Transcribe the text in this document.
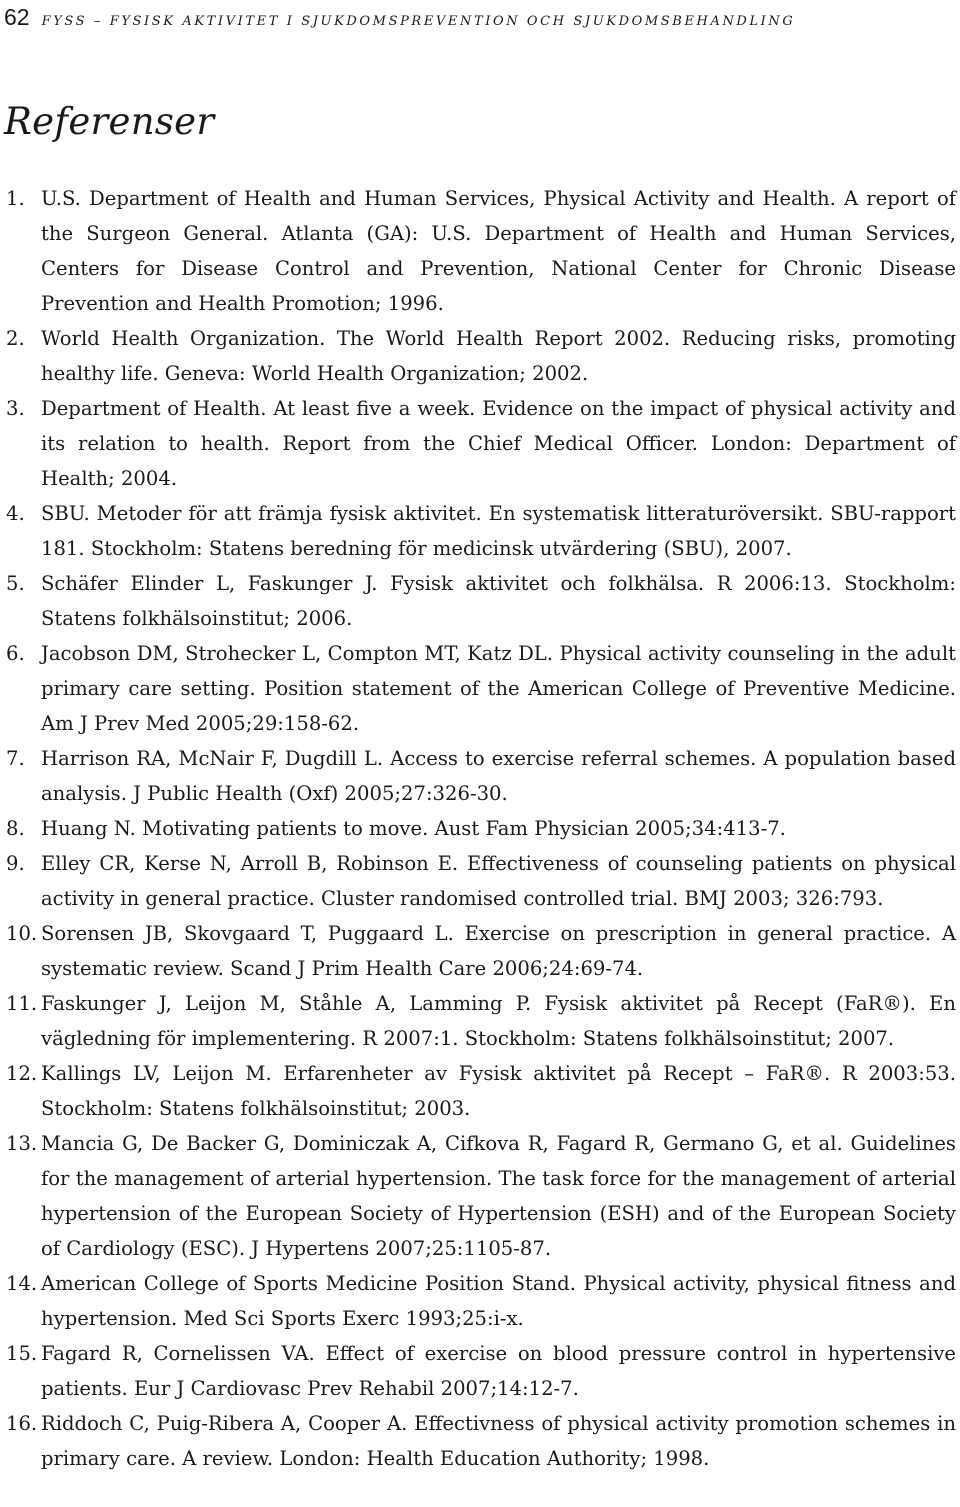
62 FYSS – FYSISK AKTIVITET I SJUKDOMSPREVENTION OCH SJUKDOMSBEHANDLING
Referenser
1. U.S. Department of Health and Human Services, Physical Activity and Health. A report of the Surgeon General. Atlanta (GA): U.S. Department of Health and Human Services, Centers for Disease Control and Prevention, National Center for Chronic Disease Prevention and Health Promotion; 1996.
2. World Health Organization. The World Health Report 2002. Reducing risks, promoting healthy life. Geneva: World Health Organization; 2002.
3. Department of Health. At least five a week. Evidence on the impact of physical activity and its relation to health. Report from the Chief Medical Officer. London: Department of Health; 2004.
4. SBU. Metoder för att främja fysisk aktivitet. En systematisk litteraturöversikt. SBU-rapport 181. Stockholm: Statens beredning för medicinsk utvärdering (SBU), 2007.
5. Schäfer Elinder L, Faskunger J. Fysisk aktivitet och folkhälsa. R 2006:13. Stockholm: Statens folkhälsoinstitut; 2006.
6. Jacobson DM, Strohecker L, Compton MT, Katz DL. Physical activity counseling in the adult primary care setting. Position statement of the American College of Preventive Medicine. Am J Prev Med 2005;29:158-62.
7. Harrison RA, McNair F, Dugdill L. Access to exercise referral schemes. A population based analysis. J Public Health (Oxf) 2005;27:326-30.
8. Huang N. Motivating patients to move. Aust Fam Physician 2005;34:413-7.
9. Elley CR, Kerse N, Arroll B, Robinson E. Effectiveness of counseling patients on physical activity in general practice. Cluster randomised controlled trial. BMJ 2003; 326:793.
10. Sorensen JB, Skovgaard T, Puggaard L. Exercise on prescription in general practice. A systematic review. Scand J Prim Health Care 2006;24:69-74.
11. Faskunger J, Leijon M, Ståhle A, Lamming P. Fysisk aktivitet på Recept (FaR®). En vägledning för implementering. R 2007:1. Stockholm: Statens folkhälsoinstitut; 2007.
12. Kallings LV, Leijon M. Erfarenheter av Fysisk aktivitet på Recept – FaR®. R 2003:53. Stockholm: Statens folkhälsoinstitut; 2003.
13. Mancia G, De Backer G, Dominiczak A, Cifkova R, Fagard R, Germano G, et al. Guidelines for the management of arterial hypertension. The task force for the management of arterial hypertension of the European Society of Hypertension (ESH) and of the European Society of Cardiology (ESC). J Hypertens 2007;25:1105-87.
14. American College of Sports Medicine Position Stand. Physical activity, physical fitness and hypertension. Med Sci Sports Exerc 1993;25:i-x.
15. Fagard R, Cornelissen VA. Effect of exercise on blood pressure control in hypertensive patients. Eur J Cardiovasc Prev Rehabil 2007;14:12-7.
16. Riddoch C, Puig-Ribera A, Cooper A. Effectivness of physical activity promotion schemes in primary care. A review. London: Health Education Authority; 1998.
